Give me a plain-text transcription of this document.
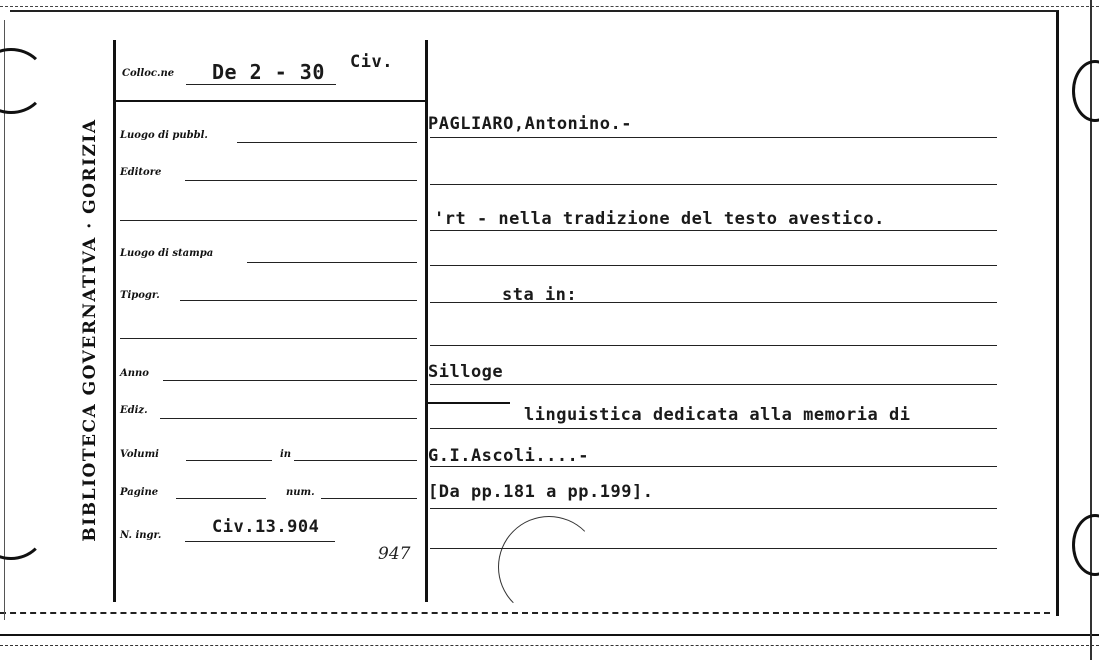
BIBLIOTECA GOVERNATIVA · GORIZIA
Colloc.ne De 2 - 30 Civ.
Luogo di pubbl.
Editore
Luogo di stampa
Tipogr.
Anno
Ediz.
Volumi	in
Pagine	num.
N. ingr.	Civ.13.904
947
PAGLIARO,Antonino.-
'rt - nella tradizione del testo avestico.
sta in:
Silloge
linguistica dedicata alla memoria di
G.I.Ascoli....-
[Da pp.181 a pp.199].
